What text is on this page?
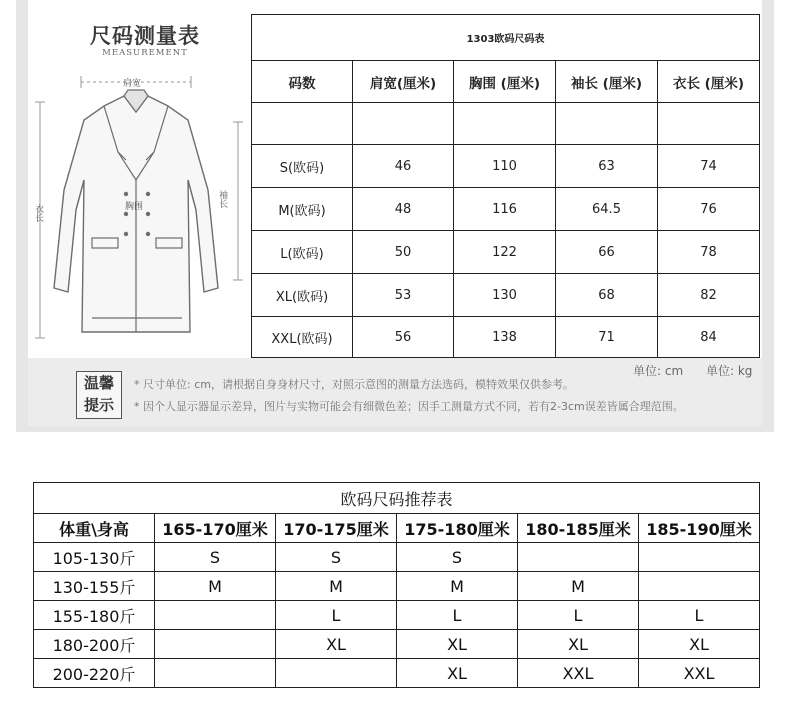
尺码测量表
MEASUREMENT
肩宽
胸围	袖长
衣长
1303欧码尺码表				
码数	肩宽(厘米)	胸围 (厘米)	袖长 (厘米)	衣长 (厘米)

S(欧码)	46	110	63	74
M(欧码)	48	116	64.5	76
L(欧码)	50	122	66	78
XL(欧码)	53	130	68	82
XXL(欧码)	56	138	71	84
单位: cm 单位: kg
温馨
提示
* 尺寸单位: cm，请根据自身身材尺寸，对照示意图的测量方法选码，模特效果仅供参考。
* 因个人显示器显示差异，图片与实物可能会有细微色差；因手工测量方式不同，若有2-3cm误差皆属合理范围。
欧码尺码推荐表					
体重\身高	165-170厘米	170-175厘米	175-180厘米	180-185厘米	185-190厘米
105-130斤	S	S	S		
130-155斤	M	M	M	M	
155-180斤		L	L	L	L
180-200斤		XL	XL	XL	XL
200-220斤			XL	XXL	XXL
